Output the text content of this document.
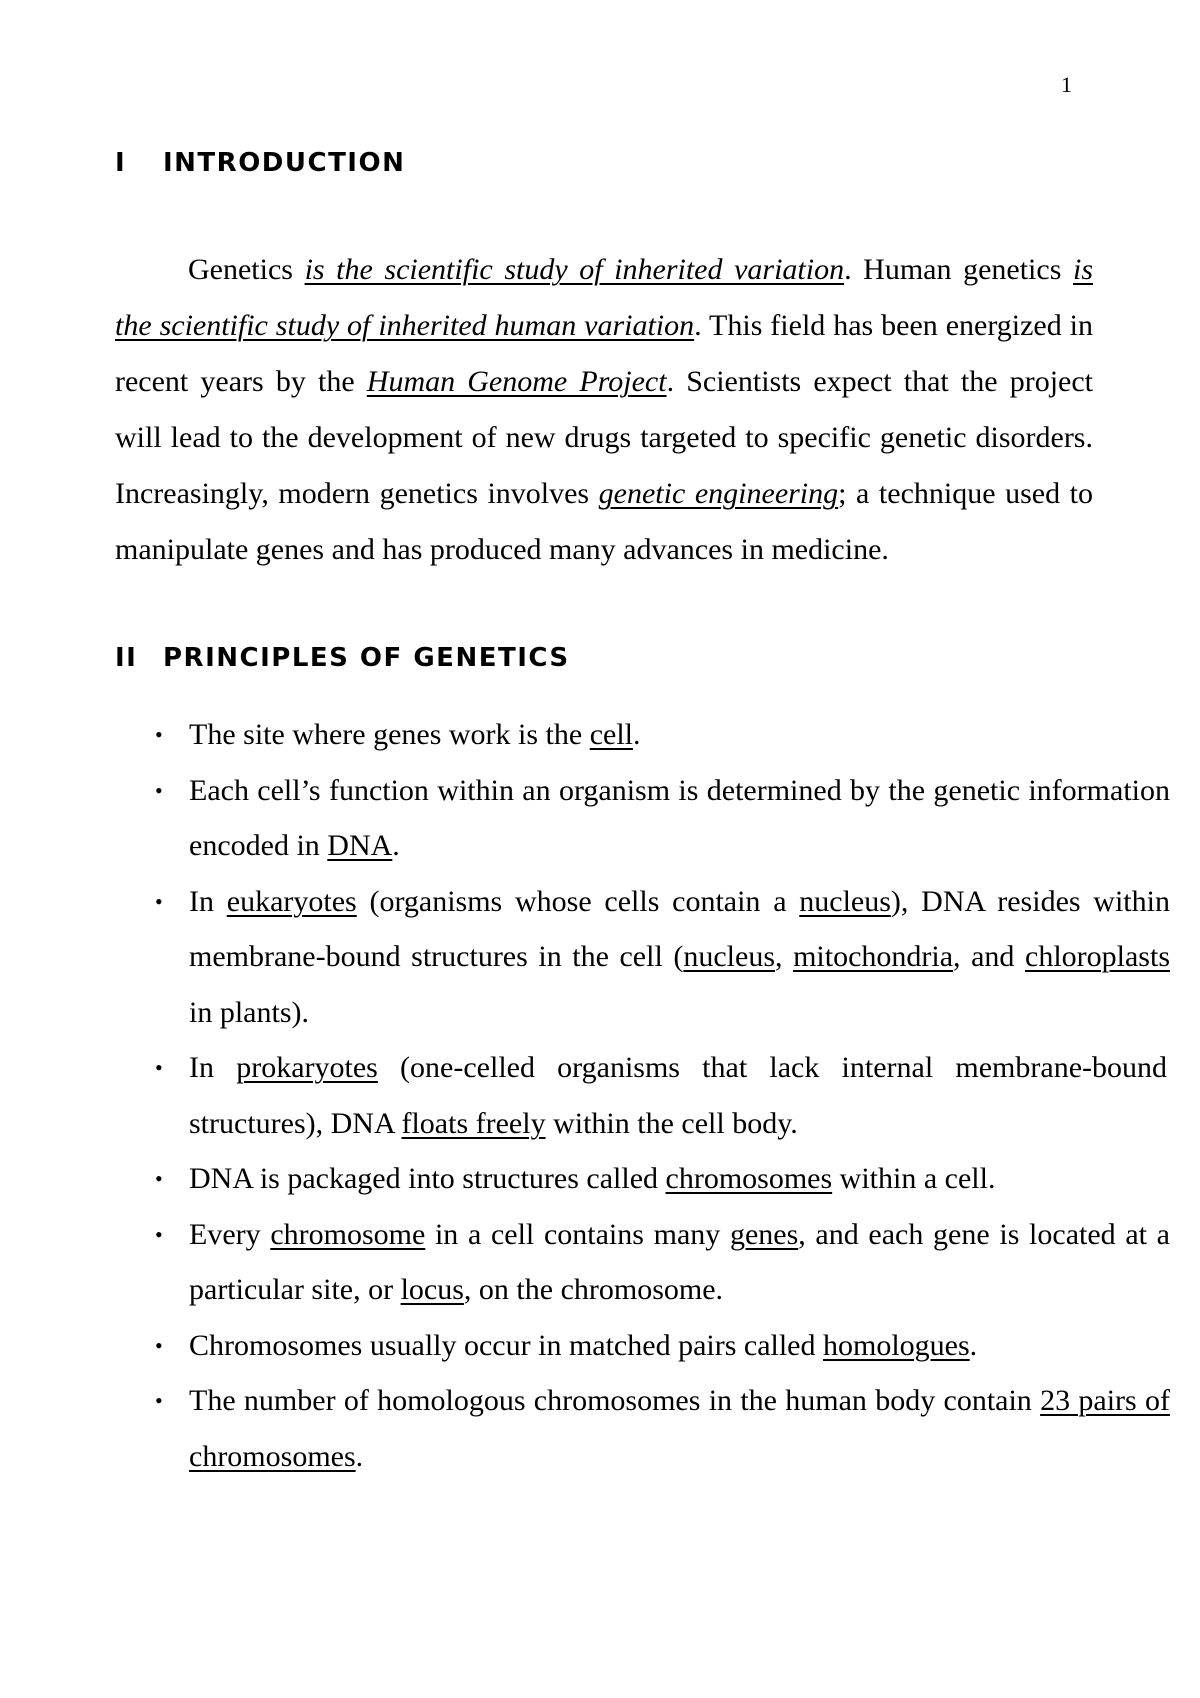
1
I INTRODUCTION

Genetics is the scientific study of inherited variation. Human genetics is the scientific study of inherited human variation. This field has been energized in recent years by the Human Genome Project. Scientists expect that the project will lead to the development of new drugs targeted to specific genetic disorders. Increasingly, modern genetics involves genetic engineering; a technique used to manipulate genes and has produced many advances in medicine.

II PRINCIPLES OF GENETICS
• The site where genes work is the cell.
• Each cell’s function within an organism is determined by the genetic information encoded in DNA.
• In eukaryotes (organisms whose cells contain a nucleus), DNA resides within membrane-bound structures in the cell (nucleus, mitochondria, and chloroplasts in plants).
• In prokaryotes (one-celled organisms that lack internal membrane-bound structures), DNA floats freely within the cell body.
• DNA is packaged into structures called chromosomes within a cell.
• Every chromosome in a cell contains many genes, and each gene is located at a particular site, or locus, on the chromosome.
• Chromosomes usually occur in matched pairs called homologues.
• The number of homologous chromosomes in the human body contain 23 pairs of chromosomes.
